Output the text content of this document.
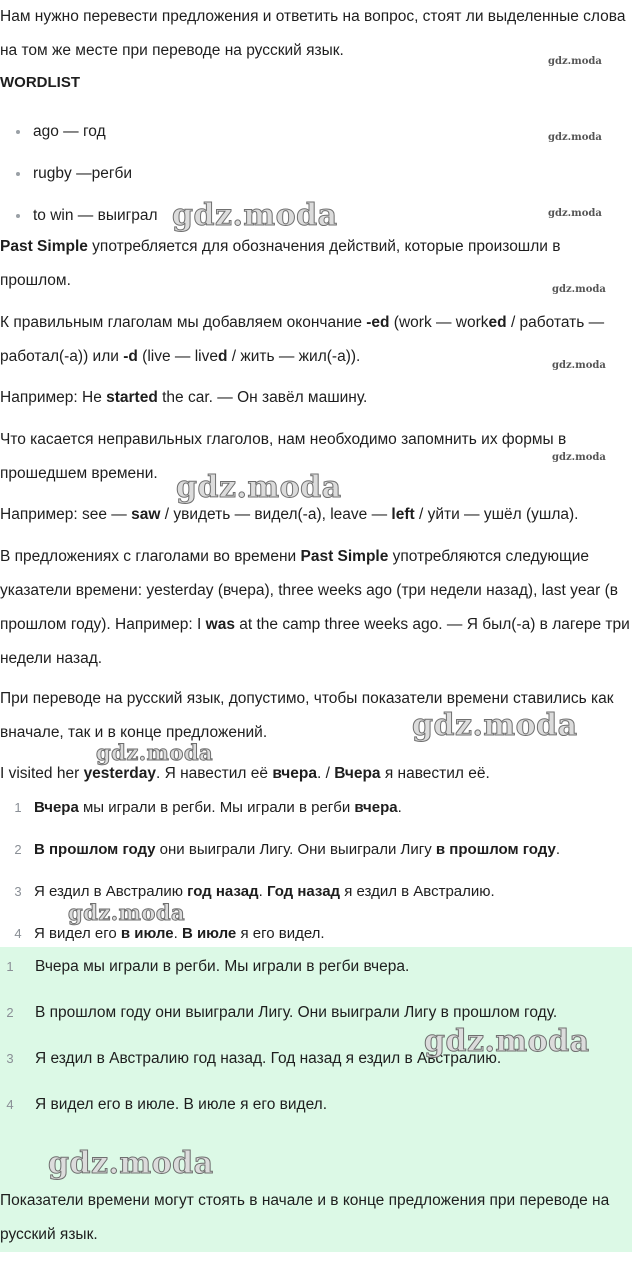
Нам нужно перевести предложения и ответить на вопрос, стоят ли выделенные слова на том же месте при переводе на русский язык.

WORDLIST
ago — год
rugby —регби
to win — выиграл

Past Simple употребляется для обозначения действий, которые произошли в прошлом.

К правильным глаголам мы добавляем окончание -ed (work — worked / работать — работал(-а)) или -d (live — lived / жить — жил(-а)).

Например: He started the car. — Он завёл машину.

Что касается неправильных глаголов, нам необходимо запомнить их формы в прошедшем времени.

Например: see — saw / увидеть — видел(-а), leave — left / уйти — ушёл (ушла).

В предложениях с глаголами во времени Past Simple употребляются следующие указатели времени: yesterday (вчера), three weeks ago (три недели назад), last year (в прошлом году). Например: I was at the camp three weeks ago. — Я был(-а) в лагере три недели назад.

При переводе на русский язык, допустимо, чтобы показатели времени ставились как вначале, так и в конце предложений.

I visited her yesterday. Я навестил её вчера. / Вчера я навестил её.

1 Вчера мы играли в регби. Мы играли в регби вчера.
2 В прошлом году они выиграли Лигу. Они выиграли Лигу в прошлом году.
3 Я ездил в Австралию год назад. Год назад я ездил в Австралию.
4 Я видел его в июле. В июле я его видел.
1	Вчера мы играли в регби. Мы играли в регби вчера.
2	В прошлом году они выиграли Лигу. Они выиграли Лигу в прошлом году.
3	Я ездил в Австралию год назад. Год назад я ездил в Австралию.
4	Я видел его в июле. В июле я его видел.

Показатели времени могут стоять в начале и в конце предложения при переводе на русский язык.

gdz.moda
gdz.moda
gdz.moda
gdz.moda
gdz.moda
gdz.moda
gdz.moda
gdz.moda
gdz.moda
gdz.moda
gdz.moda
gdz.moda
gdz.moda
